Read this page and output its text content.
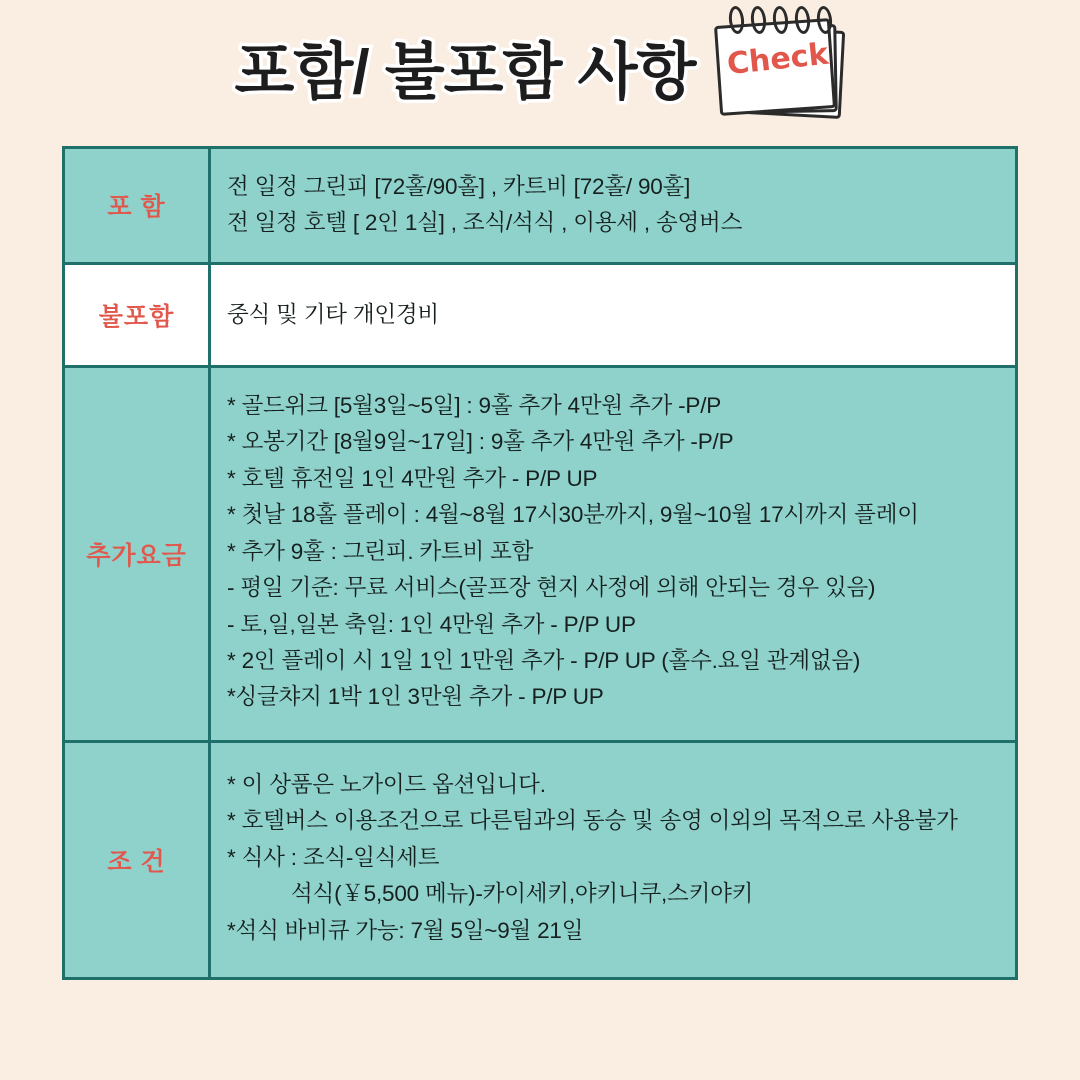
포함/ 불포함 사항 Check
포 함
전 일정 그린피 [72홀/90홀] , 카트비 [72홀/ 90홀]
전 일정 호텔 [ 2인 1실] , 조식/석식 , 이용세 , 송영버스
불포함 중식 및 기타 개인경비
추가요금
* 골드위크 [5월3일~5일] : 9홀 추가 4만원 추가 -P/P
* 오봉기간 [8월9일~17일] : 9홀 추가 4만원 추가 -P/P
* 호텔 휴전일 1인 4만원 추가 - P/P UP
* 첫날 18홀 플레이 : 4월~8월 17시30분까지, 9월~10월 17시까지 플레이
* 추가 9홀 : 그린피. 카트비 포함
- 평일 기준: 무료 서비스(골프장 현지 사정에 의해 안되는 경우 있음)
- 토,일,일본 축일: 1인 4만원 추가 - P/P UP
* 2인 플레이 시 1일 1인 1만원 추가 - P/P UP (홀수.요일 관계없음)
*싱글챠지 1박 1인 3만원 추가 - P/P UP
조 건
* 이 상품은 노가이드 옵션입니다.
* 호텔버스 이용조건으로 다른팀과의 동승 및 송영 이외의 목적으로 사용불가
* 식사 : 조식-일식세트
석식(￥5,500 메뉴)-카이세키,야키니쿠,스키야키
*석식 바비큐 가능: 7월 5일~9월 21일
